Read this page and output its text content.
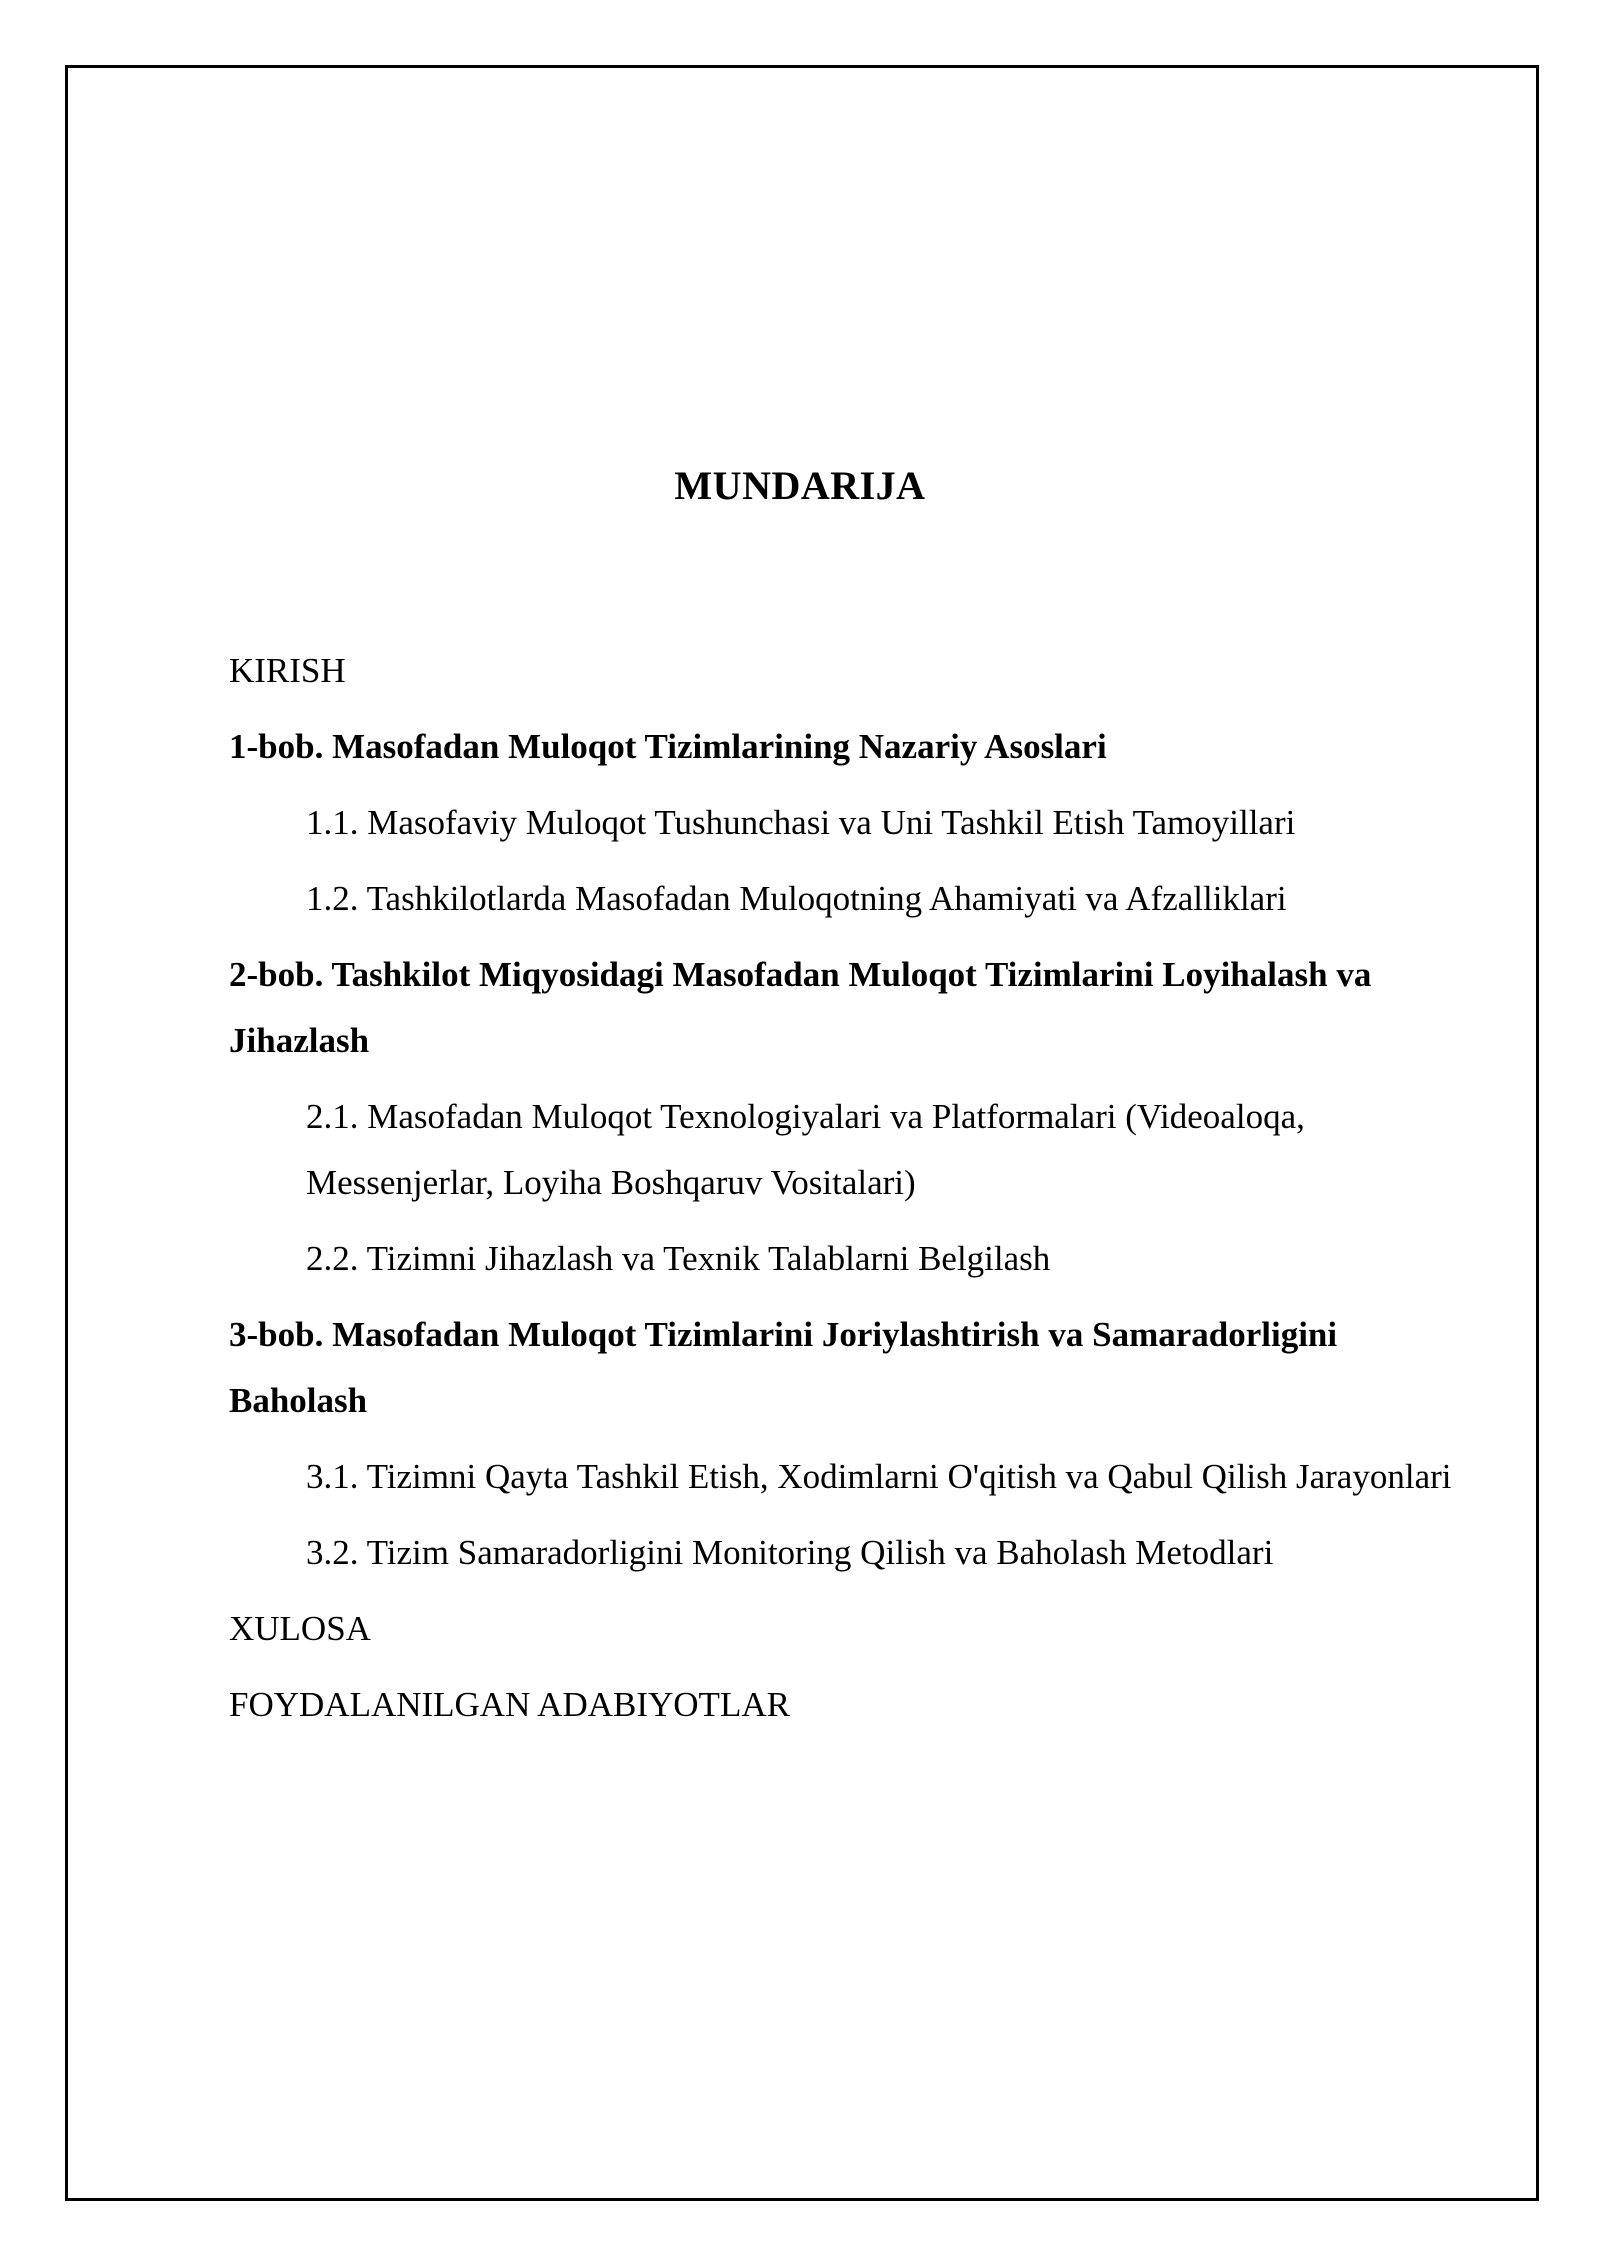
MUNDARIJA

KIRISH

1-bob. Masofadan Muloqot Tizimlarining Nazariy Asoslari

1.1. Masofaviy Muloqot Tushunchasi va Uni Tashkil Etish Tamoyillari

1.2. Tashkilotlarda Masofadan Muloqotning Ahamiyati va Afzalliklari

2-bob. Tashkilot Miqyosidagi Masofadan Muloqot Tizimlarini Loyihalash va Jihazlash

2.1. Masofadan Muloqot Texnologiyalari va Platformalari (Videoaloqa, Messenjerlar, Loyiha Boshqaruv Vositalari)

2.2. Tizimni Jihazlash va Texnik Talablarni Belgilash

3-bob. Masofadan Muloqot Tizimlarini Joriylashtirish va Samaradorligini Baholash

3.1. Tizimni Qayta Tashkil Etish, Xodimlarni O'qitish va Qabul Qilish Jarayonlari

3.2. Tizim Samaradorligini Monitoring Qilish va Baholash Metodlari

XULOSA

FOYDALANILGAN ADABIYOTLAR
